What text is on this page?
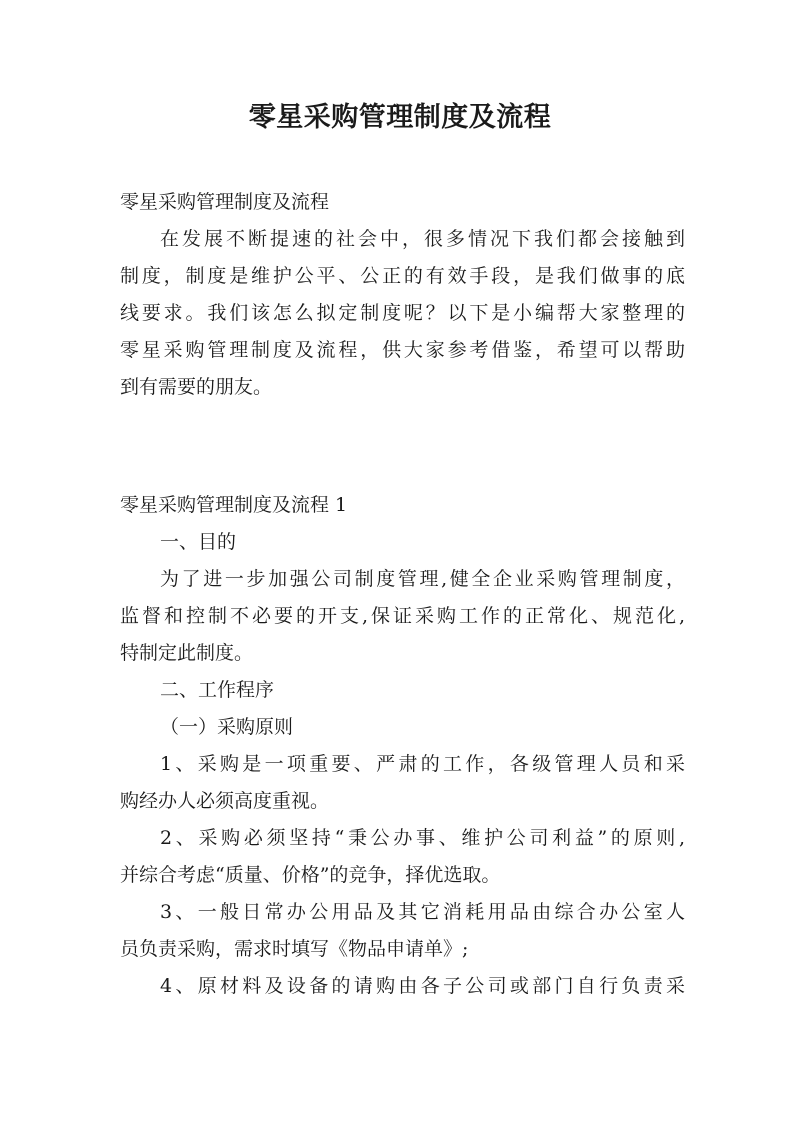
零星采购管理制度及流程
零星采购管理制度及流程
在发展不断提速的社会中，很多情况下我们都会接触到
制度，制度是维护公平、公正的有效手段，是我们做事的底
线要求。我们该怎么拟定制度呢？以下是小编帮大家整理的
零星采购管理制度及流程，供大家参考借鉴，希望可以帮助
到有需要的朋友。
零星采购管理制度及流程 1
一、目的
为了进一步加强公司制度管理,健全企业采购管理制度，
监督和控制不必要的开支,保证采购工作的正常化、规范化,
特制定此制度。
二、工作程序
（一）采购原则
1、采购是一项重要、严肃的工作，各级管理人员和采
购经办人必须高度重视。
2、采购必须坚持“秉公办事、维护公司利益”的原则,
并综合考虑“质量、价格”的竞争，择优选取。
3、一般日常办公用品及其它消耗用品由综合办公室人
员负责采购，需求时填写《物品申请单》;
4、原材料及设备的请购由各子公司或部门自行负责采
